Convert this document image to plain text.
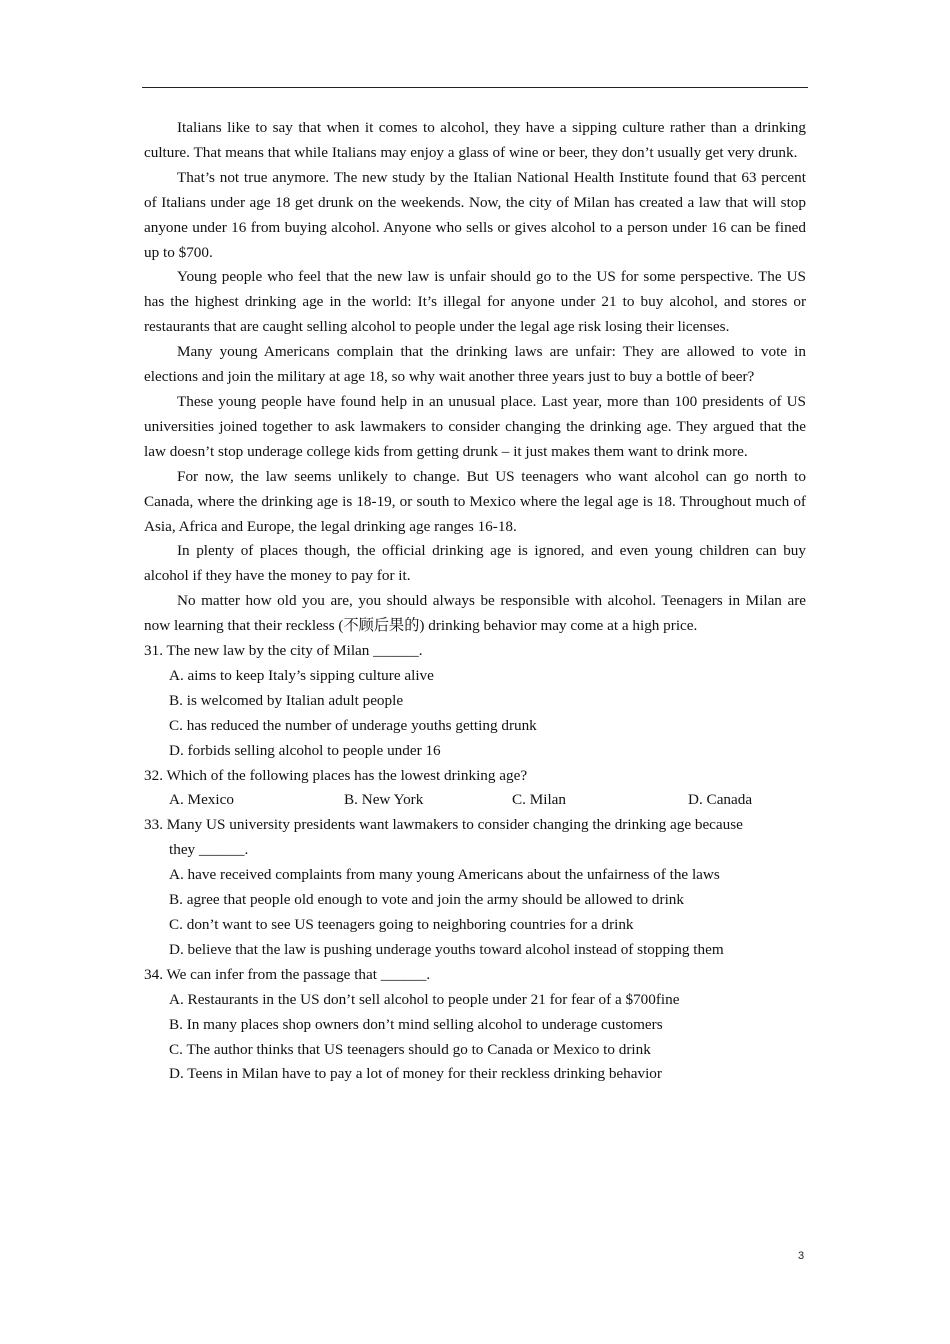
Italians like to say that when it comes to alcohol, they have a sipping culture rather than a drinking culture. That means that while Italians may enjoy a glass of wine or beer, they don’t usually get very drunk.

That’s not true anymore. The new study by the Italian National Health Institute found that 63 percent of Italians under age 18 get drunk on the weekends. Now, the city of Milan has created a law that will stop anyone under 16 from buying alcohol. Anyone who sells or gives alcohol to a person under 16 can be fined up to $700.

Young people who feel that the new law is unfair should go to the US for some perspective. The US has the highest drinking age in the world: It’s illegal for anyone under 21 to buy alcohol, and stores or restaurants that are caught selling alcohol to people under the legal age risk losing their licenses.

Many young Americans complain that the drinking laws are unfair: They are allowed to vote in elections and join the military at age 18, so why wait another three years just to buy a bottle of beer?

These young people have found help in an unusual place. Last year, more than 100 presidents of US universities joined together to ask lawmakers to consider changing the drinking age. They argued that the law doesn’t stop underage college kids from getting drunk – it just makes them want to drink more.

For now, the law seems unlikely to change. But US teenagers who want alcohol can go north to Canada, where the drinking age is 18-19, or south to Mexico where the legal age is 18. Throughout much of Asia, Africa and Europe, the legal drinking age ranges 16-18.

In plenty of places though, the official drinking age is ignored, and even young children can buy alcohol if they have the money to pay for it.

No matter how old you are, you should always be responsible with alcohol. Teenagers in Milan are now learning that their reckless (不顾后果的) drinking behavior may come at a high price.

31. The new law by the city of Milan ______.

A. aims to keep Italy’s sipping culture alive

B. is welcomed by Italian adult people

C. has reduced the number of underage youths getting drunk

D. forbids selling alcohol to people under 16

32. Which of the following places has the lowest drinking age?

A. Mexico	B. New York	C. Milan	D. Canada

33. Many US university presidents want lawmakers to consider changing the drinking age because

they ______.

A. have received complaints from many young Americans about the unfairness of the laws

B. agree that people old enough to vote and join the army should be allowed to drink

C. don’t want to see US teenagers going to neighboring countries for a drink

D. believe that the law is pushing underage youths toward alcohol instead of stopping them

34. We can infer from the passage that ______.

A. Restaurants in the US don’t sell alcohol to people under 21 for fear of a $700fine

B. In many places shop owners don’t mind selling alcohol to underage customers

C. The author thinks that US teenagers should go to Canada or Mexico to drink

D. Teens in Milan have to pay a lot of money for their reckless drinking behavior

3
